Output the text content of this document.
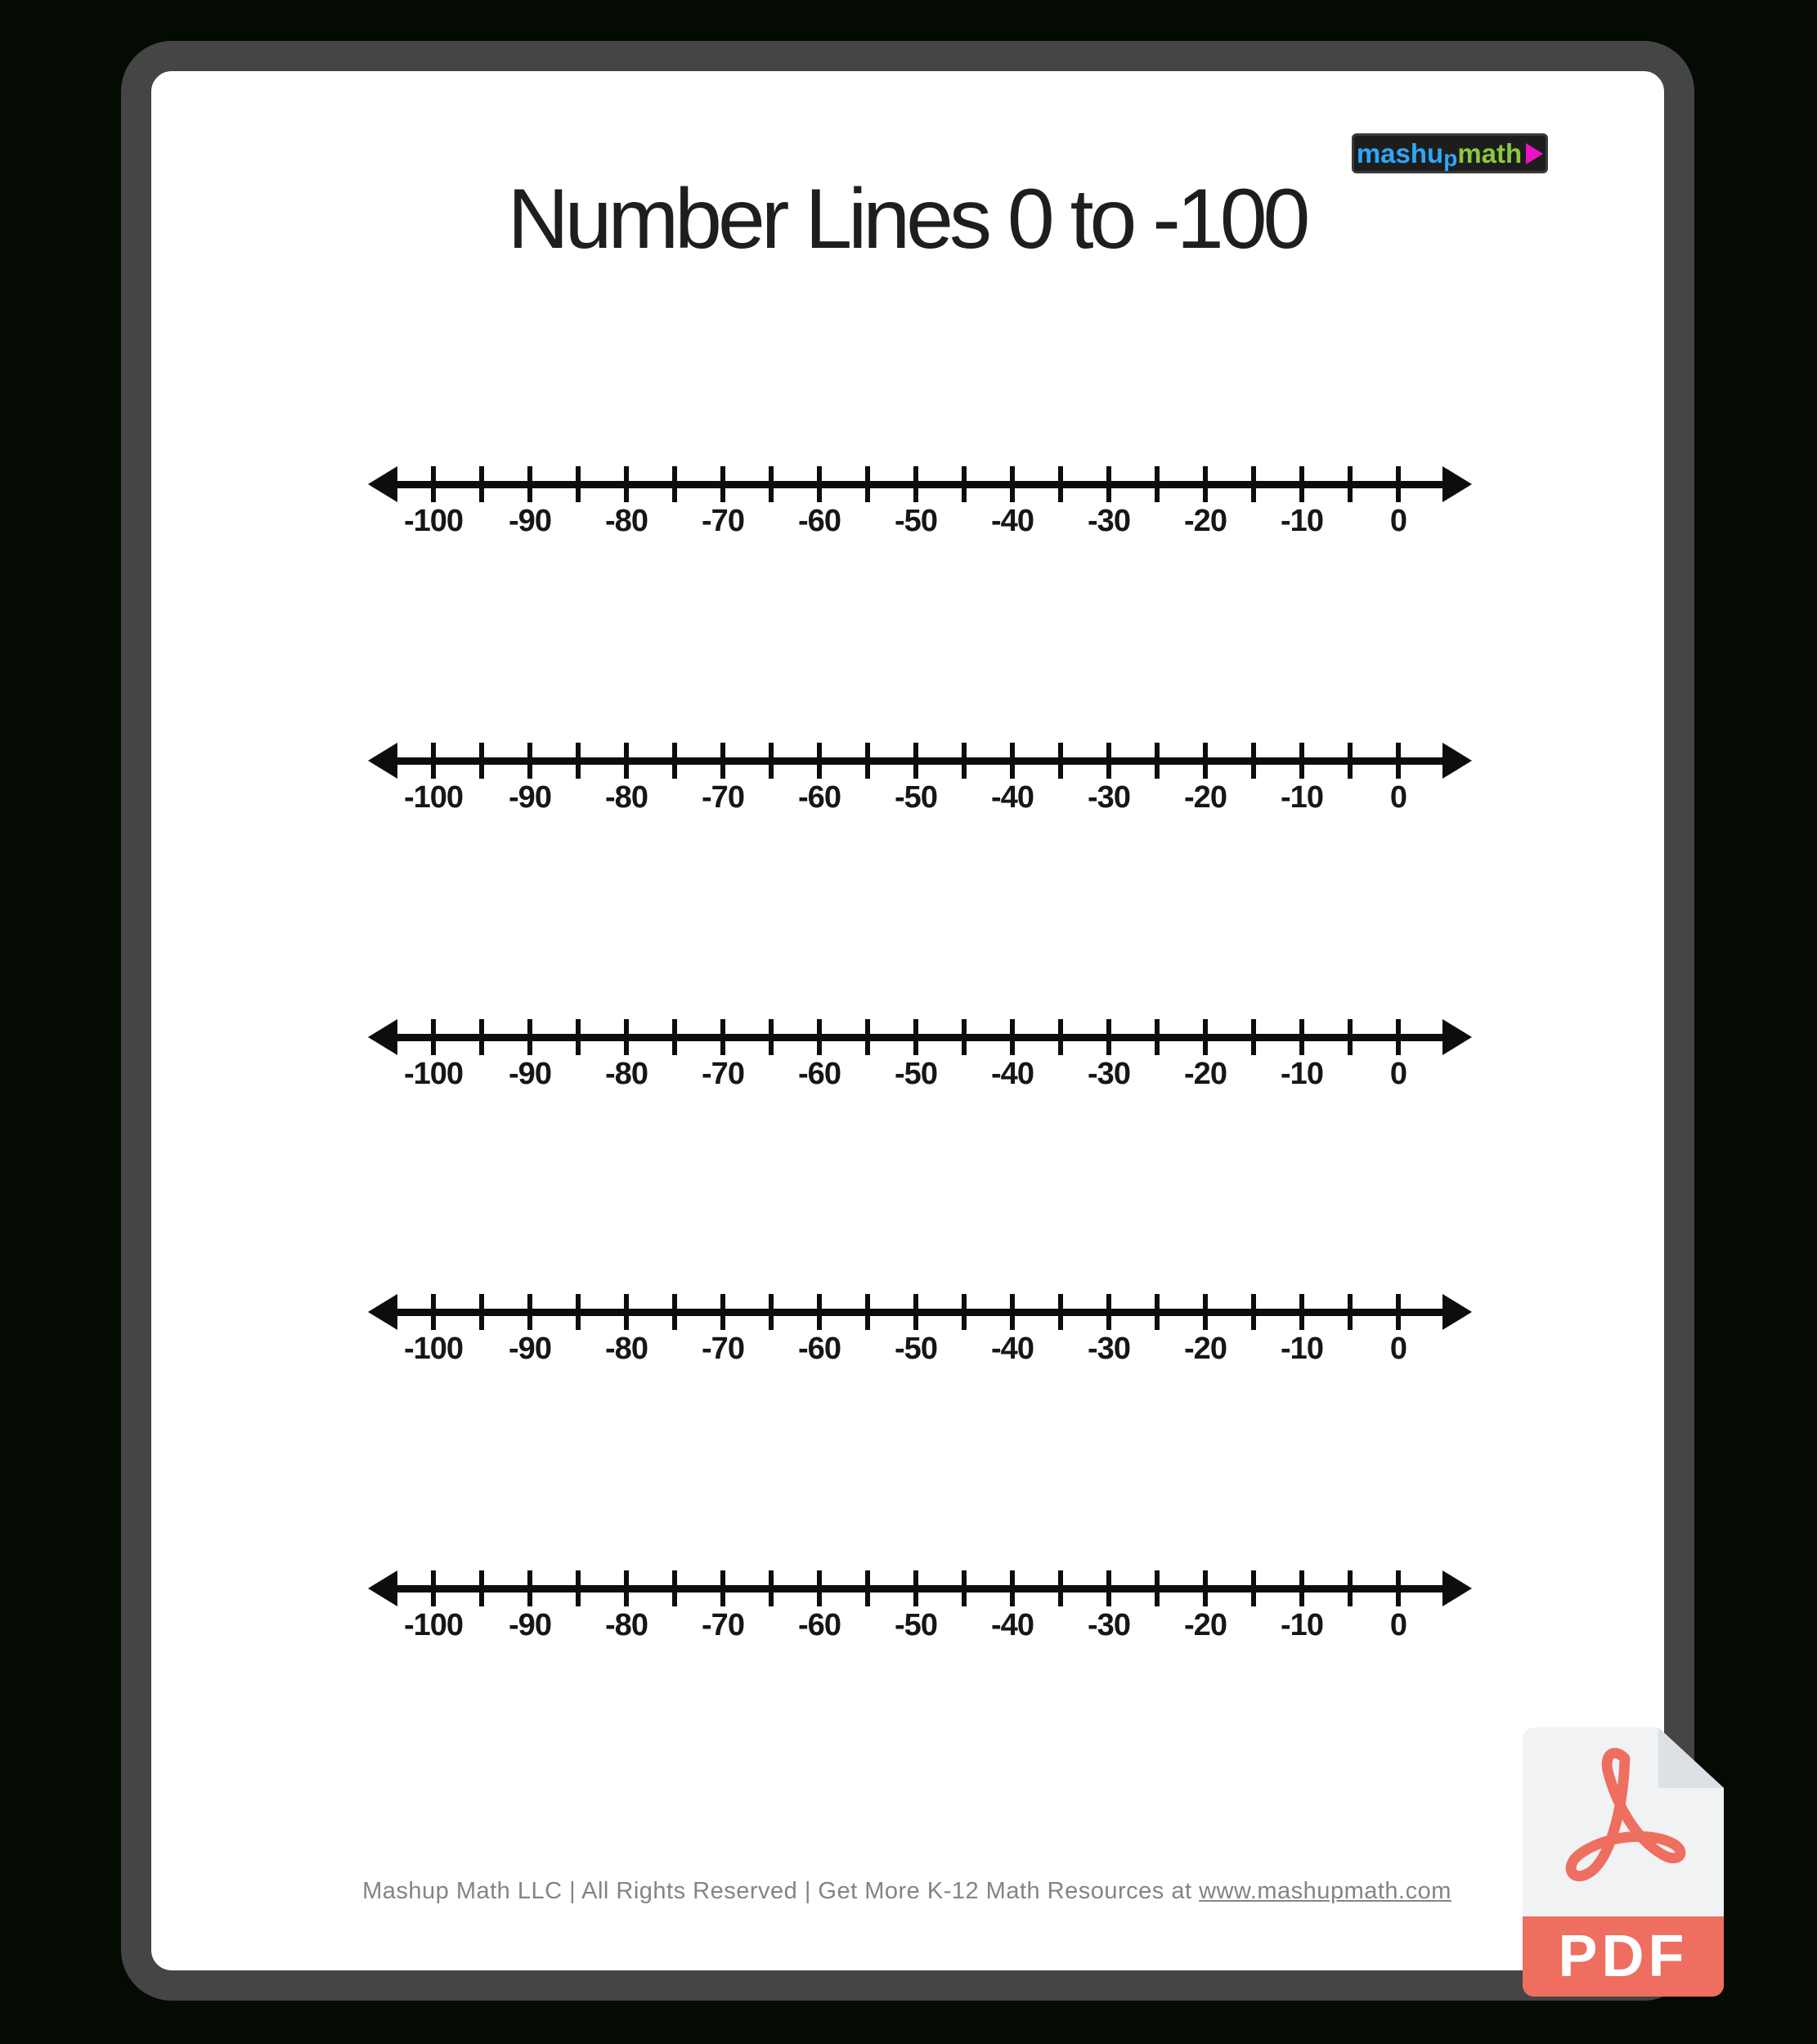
mashu p math
Number Lines 0 to -100
-100	-90	-80	-70	-60	-50	-40	-30	-20	-10	0
-100	-90	-80	-70	-60	-50	-40	-30	-20	-10	0
-100	-90	-80	-70	-60	-50	-40	-30	-20	-10	0
-100	-90	-80	-70	-60	-50	-40	-30	-20	-10	0
-100	-90	-80	-70	-60	-50	-40	-30	-20	-10	0
Mashup Math LLC | All Rights Reserved | Get More K-12 Math Resources at www.mashupmath.com
PDF
